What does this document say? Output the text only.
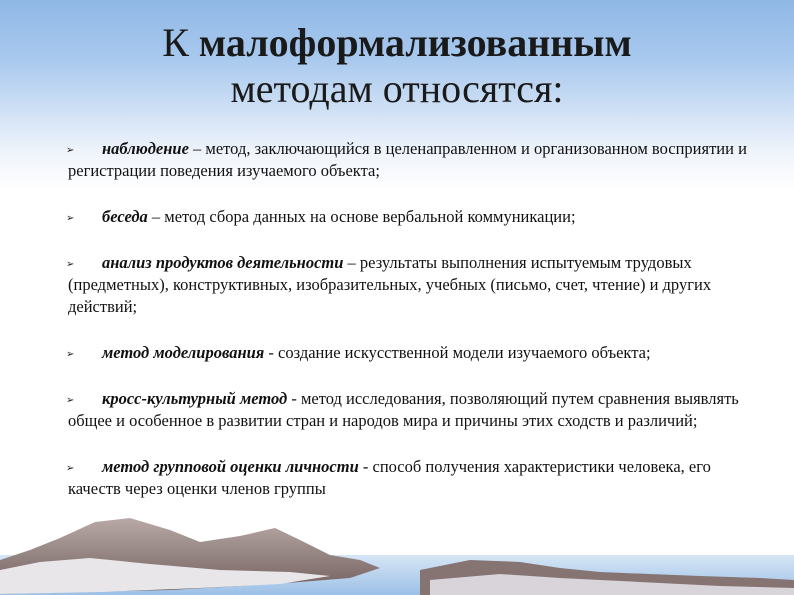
К малоформализованным
методам относятся:
➢	наблюдение – метод, заключающийся в целенаправленном и организованном восприятии и регистрации поведения изучаемого объекта;
➢	беседа – метод сбора данных на основе вербальной коммуникации;
➢	анализ продуктов деятельности – результаты выполнения испытуемым трудовых (предметных), конструктивных, изобразительных, учебных (письмо, счет, чтение) и других действий;
➢	метод моделирования - создание искусственной модели изучаемого объекта;
➢	кросс-культурный метод - метод исследования, позволяющий путем сравнения выявлять общее и особенное в развитии стран и народов мира и причины этих сходств и различий;
➢	метод групповой оценки личности - способ получения характеристики человека, его качеств через оценки членов группы
